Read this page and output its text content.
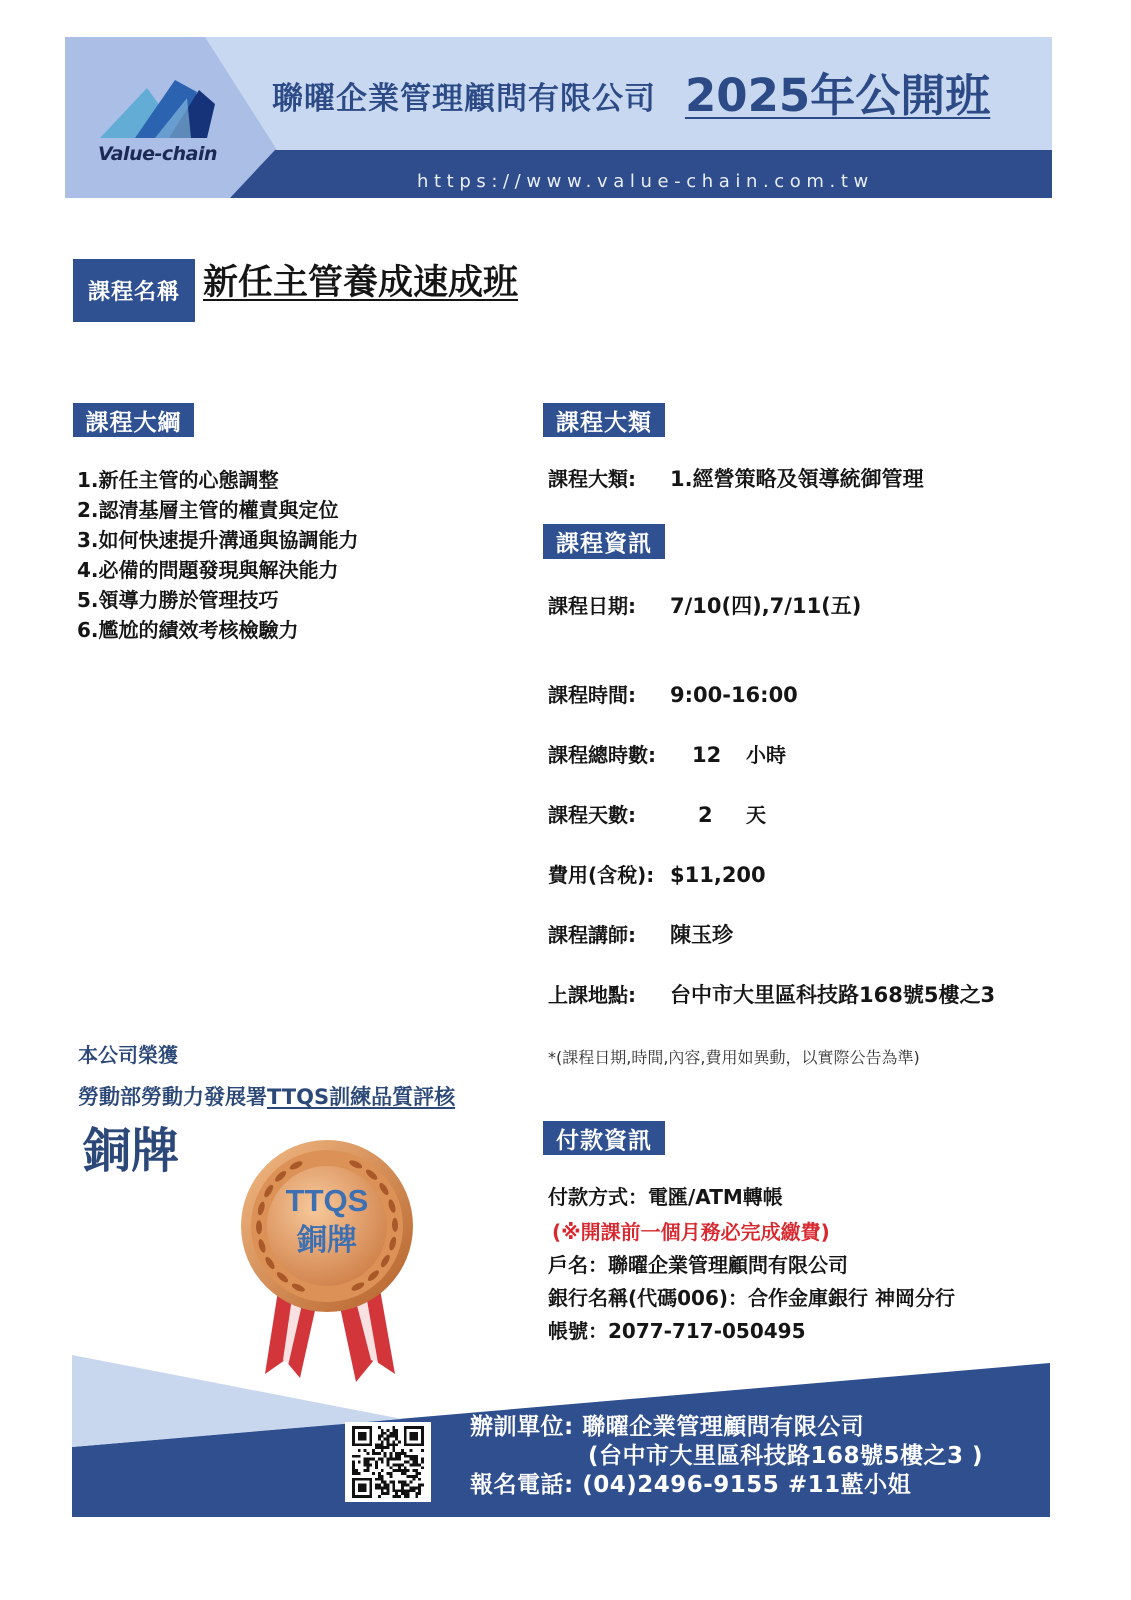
Value-chain
聯曜企業管理顧問有限公司 2025年公開班
https://www.value-chain.com.tw
課程名稱 新任主管養成速成班
課程大綱
1.新任主管的心態調整
2.認清基層主管的權責與定位
3.如何快速提升溝通與協調能力
4.必備的問題發現與解決能力
5.領導力勝於管理技巧
6.尷尬的績效考核檢驗力
課程大類
課程大類: 1.經營策略及領導統御管理
課程資訊
課程日期: 7/10(四),7/11(五)
課程時間: 9:00-16:00
課程總時數: 12 小時
課程天數:	2 天
費用(含稅): $11,200
課程講師: 陳玉珍
上課地點: 台中市大里區科技路168號5樓之3
*(課程日期,時間,內容,費用如異動，以實際公告為準)
本公司榮獲
勞動部勞動力發展署TTQS訓練品質評核
銅牌
TTQS
銅牌
付款資訊
付款方式：電匯/ATM轉帳
(※開課前一個月務必完成繳費)
戶名：聯曜企業管理顧問有限公司
銀行名稱(代碼006)：合作金庫銀行 神岡分行
帳號：2077-717-050495
辦訓單位: 聯曜企業管理顧問有限公司
(台中市大里區科技路168號5樓之3 )
報名電話: (04)2496-9155 #11藍小姐
